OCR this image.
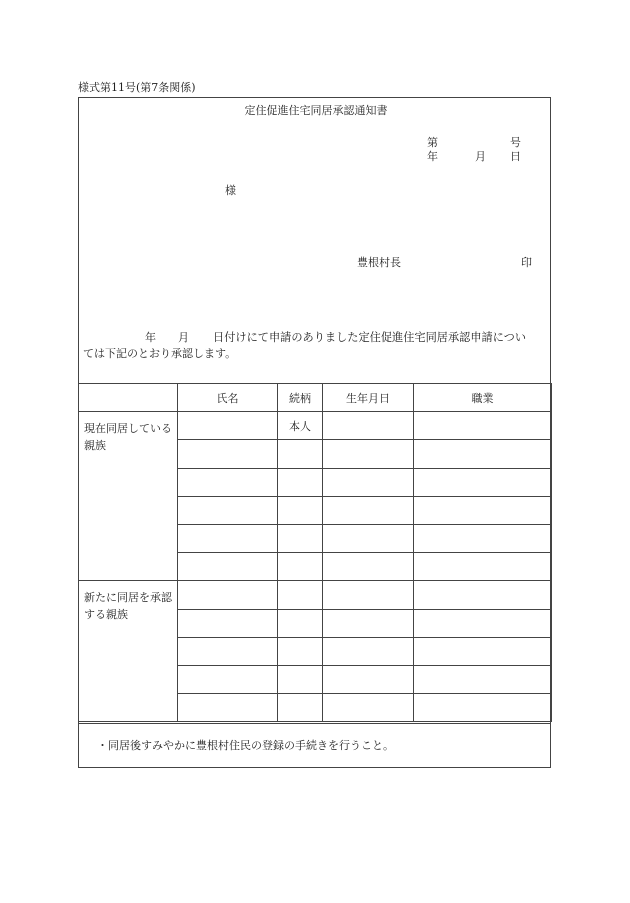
様式第11号(第7条関係)
定住促進住宅同居承認通知書
第	号
年	月 日
様
豊根村長	印
年 月 日付けにて申請のありました定住促進住宅同居承認申請につい
ては下記のとおり承認します。
	氏名	続柄	生年月日	職業
現在同居している親族		本人		

新たに同居を承認する親族				

・同居後すみやかに豊根村住民の登録の手続きを行うこと。
